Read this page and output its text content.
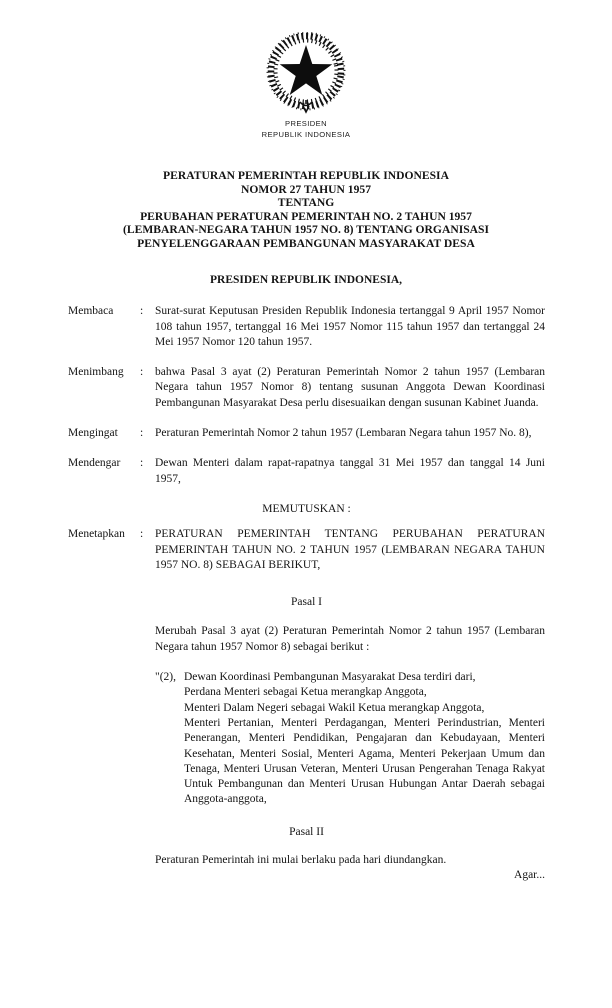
PRESIDEN
REPUBLIK INDONESIA
PERATURAN PEMERINTAH REPUBLIK INDONESIA
NOMOR 27 TAHUN 1957
TENTANG
PERUBAHAN PERATURAN PEMERINTAH NO. 2 TAHUN 1957
(LEMBARAN-NEGARA TAHUN 1957 NO. 8) TENTANG ORGANISASI
PENYELENGGARAAN PEMBANGUNAN MASYARAKAT DESA
PRESIDEN REPUBLIK INDONESIA,
Membaca	:	Surat-surat Keputusan Presiden Republik Indonesia tertanggal 9 April 1957 Nomor 108 tahun 1957, tertanggal 16 Mei 1957 Nomor 115 tahun 1957 dan tertanggal 24 Mei 1957 Nomor 120 tahun 1957.
Menimbang	:	bahwa Pasal 3 ayat (2) Peraturan Pemerintah Nomor 2 tahun 1957 (Lembaran Negara tahun 1957 Nomor 8) tentang susunan Anggota Dewan Koordinasi Pembangunan Masyarakat Desa perlu disesuaikan dengan susunan Kabinet Juanda.
Mengingat	:	Peraturan Pemerintah Nomor 2 tahun 1957 (Lembaran Negara tahun 1957 No. 8),
Mendengar	:	Dewan Menteri dalam rapat-rapatnya tanggal 31 Mei 1957 dan tanggal 14 Juni 1957,
MEMUTUSKAN :
Menetapkan	:	PERATURAN PEMERINTAH TENTANG PERUBAHAN PERATURAN PEMERINTAH TAHUN NO. 2 TAHUN 1957 (LEMBARAN NEGARA TAHUN 1957 NO. 8) SEBAGAI BERIKUT,
Pasal I
Merubah Pasal 3 ayat (2) Peraturan Pemerintah Nomor 2 tahun 1957 (Lembaran Negara tahun 1957 Nomor 8) sebagai berikut :
"(2), Dewan Koordinasi Pembangunan Masyarakat Desa terdiri dari,
Perdana Menteri sebagai Ketua merangkap Anggota,
Menteri Dalam Negeri sebagai Wakil Ketua merangkap Anggota,
Menteri Pertanian, Menteri Perdagangan, Menteri Perindustrian, Menteri Penerangan, Menteri Pendidikan, Pengajaran dan Kebudayaan, Menteri Kesehatan, Menteri Sosial, Menteri Agama, Menteri Pekerjaan Umum dan Tenaga, Menteri Urusan Veteran, Menteri Urusan Pengerahan Tenaga Rakyat Untuk Pembangunan dan Menteri Urusan Hubungan Antar Daerah sebagai Anggota-anggota,
Pasal II
Peraturan Pemerintah ini mulai berlaku pada hari diundangkan.
Agar...
